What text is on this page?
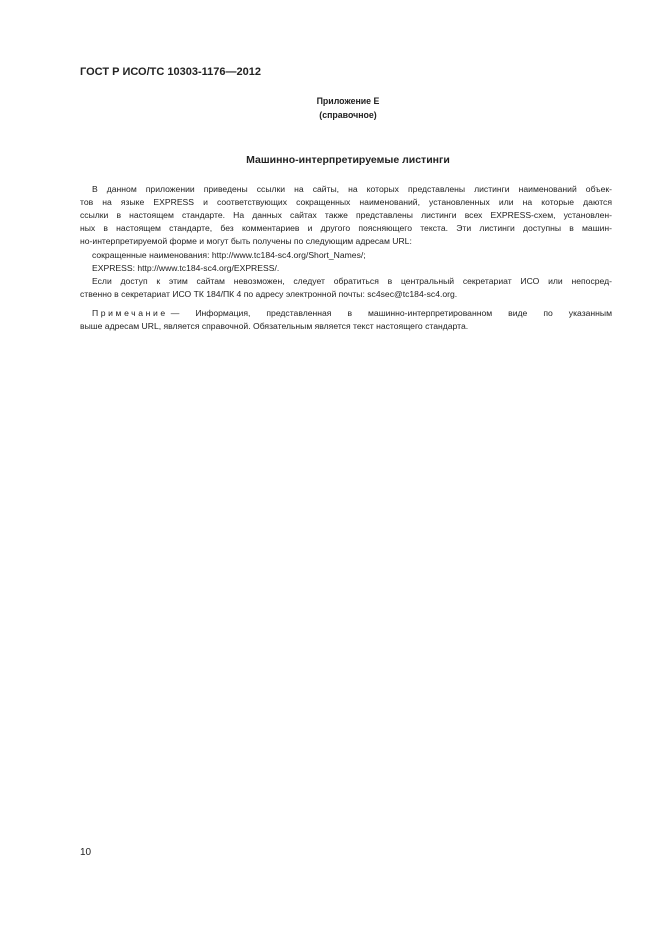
ГОСТ Р ИСО/ТС 10303-1176—2012
Приложение Е
(справочное)
Машинно-интерпретируемые листинги
В данном приложении приведены ссылки на сайты, на которых представлены листинги наименований объек-
тов на языке EXPRESS и соответствующих сокращенных наименований, установленных или на которые даются
ссылки в настоящем стандарте. На данных сайтах также представлены листинги всех EXPRESS-схем, установлен-
ных в настоящем стандарте, без комментариев и другого поясняющего текста. Эти листинги доступны в машин-
но-интерпретируемой форме и могут быть получены по следующим адресам URL:
сокращенные наименования: http://www.tc184-sc4.org/Short_Names/;
EXPRESS: http://www.tc184-sc4.org/EXPRESS/.
Если доступ к этим сайтам невозможен, следует обратиться в центральный секретариат ИСО или непосред-
ственно в секретариат ИСО ТК 184/ПК 4 по адресу электронной почты: sc4sec@tc184-sc4.org.
Примечание — Информация, представленная в машинно-интерпретированном виде по указанным
выше адресам URL, является справочной. Обязательным является текст настоящего стандарта.
10
